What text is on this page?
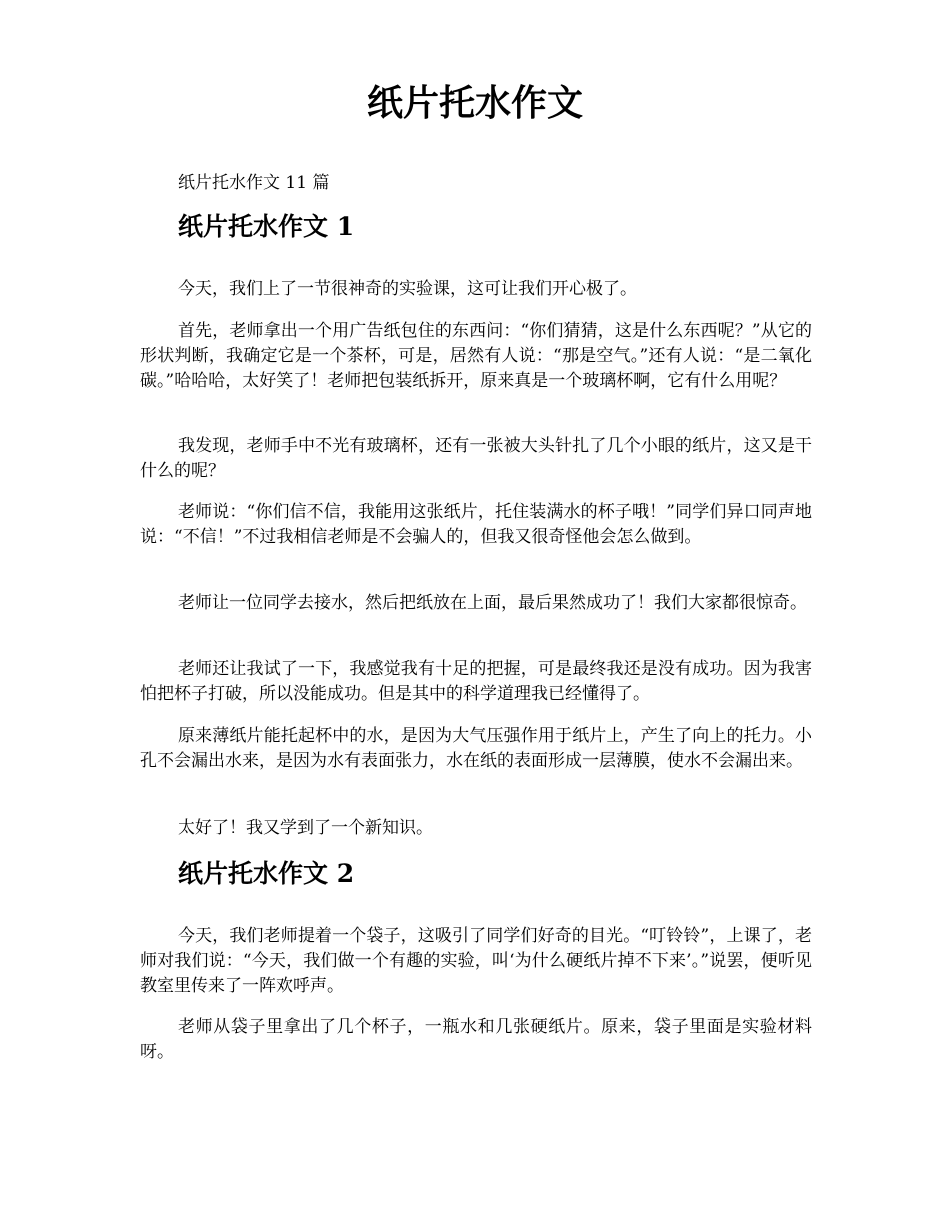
纸片托水作文

纸片托水作文 11 篇

纸片托水作文 1

今天，我们上了一节很神奇的实验课，这可让我们开心极了。

首先，老师拿出一个用广告纸包住的东西问：“你们猜猜，这是什么东西呢？”从它的形状判断，我确定它是一个茶杯，可是，居然有人说：“那是空气。”还有人说：“是二氧化碳。”哈哈哈，太好笑了！老师把包装纸拆开，原来真是一个玻璃杯啊，它有什么用呢？

我发现，老师手中不光有玻璃杯，还有一张被大头针扎了几个小眼的纸片，这又是干什么的呢？

老师说：“你们信不信，我能用这张纸片，托住装满水的杯子哦！”同学们异口同声地说：“不信！”不过我相信老师是不会骗人的，但我又很奇怪他会怎么做到。

老师让一位同学去接水，然后把纸放在上面，最后果然成功了！我们大家都很惊奇。

老师还让我试了一下，我感觉我有十足的把握，可是最终我还是没有成功。因为我害怕把杯子打破，所以没能成功。但是其中的科学道理我已经懂得了。

原来薄纸片能托起杯中的水，是因为大气压强作用于纸片上，产生了向上的托力。小孔不会漏出水来，是因为水有表面张力，水在纸的表面形成一层薄膜，使水不会漏出来。

太好了！我又学到了一个新知识。

纸片托水作文 2

今天，我们老师提着一个袋子，这吸引了同学们好奇的目光。“叮铃铃”，上课了，老师对我们说：“今天，我们做一个有趣的实验，叫‘为什么硬纸片掉不下来’。”说罢，便听见教室里传来了一阵欢呼声。

老师从袋子里拿出了几个杯子，一瓶水和几张硬纸片。原来，袋子里面是实验材料呀。
